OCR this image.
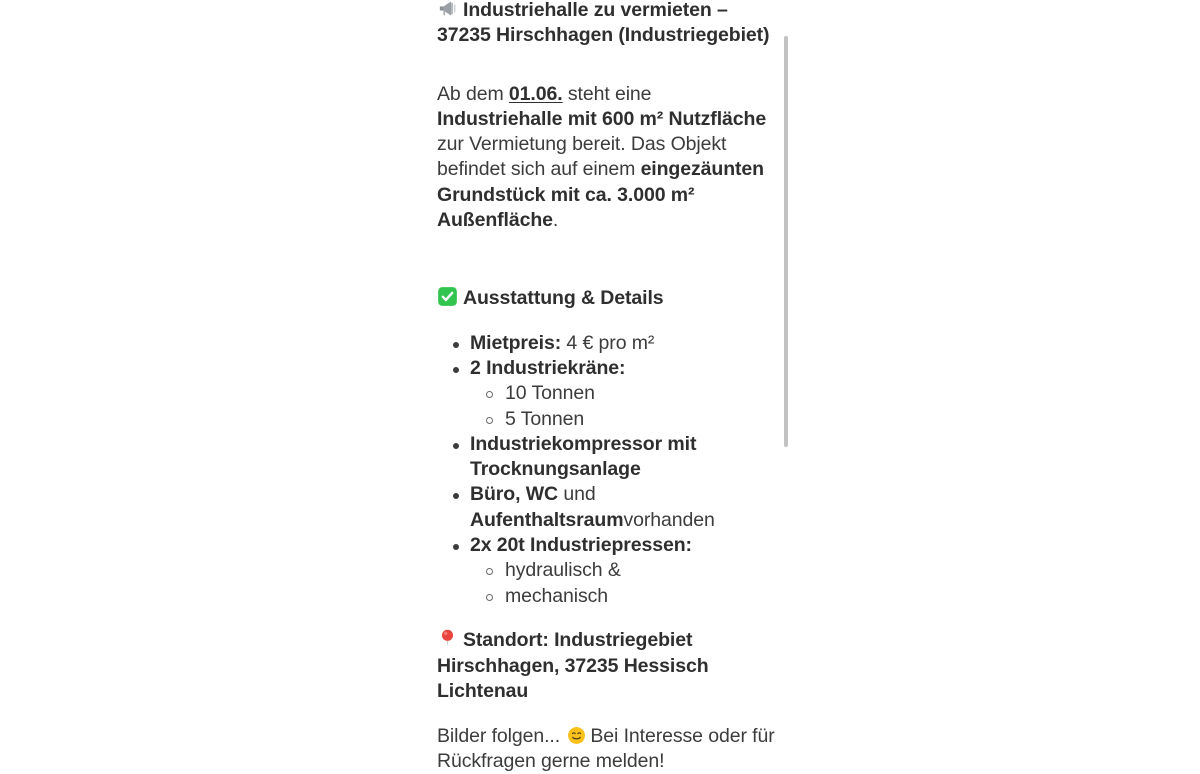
Industriehalle zu vermieten – 37235 Hirschhagen (Industriegebiet)

Ab dem 01.06. steht eine Industriehalle mit 600 m² Nutzfläche zur Vermietung bereit. Das Objekt befindet sich auf einem eingezäunten Grundstück mit ca. 3.000 m² Außenfläche.

Ausstattung & Details

Mietpreis: 4 € pro m²
2 Industriekräne:
10 Tonnen
5 Tonnen
Industriekompressor mit Trocknungsanlage
Büro, WC und Aufenthaltsraumvorhanden
2x 20t Industriepressen:
hydraulisch &
mechanisch

Standort: Industriegebiet Hirschhagen, 37235 Hessisch Lichtenau

Bilder folgen...
Bei Interesse oder für Rückfragen gerne melden!
